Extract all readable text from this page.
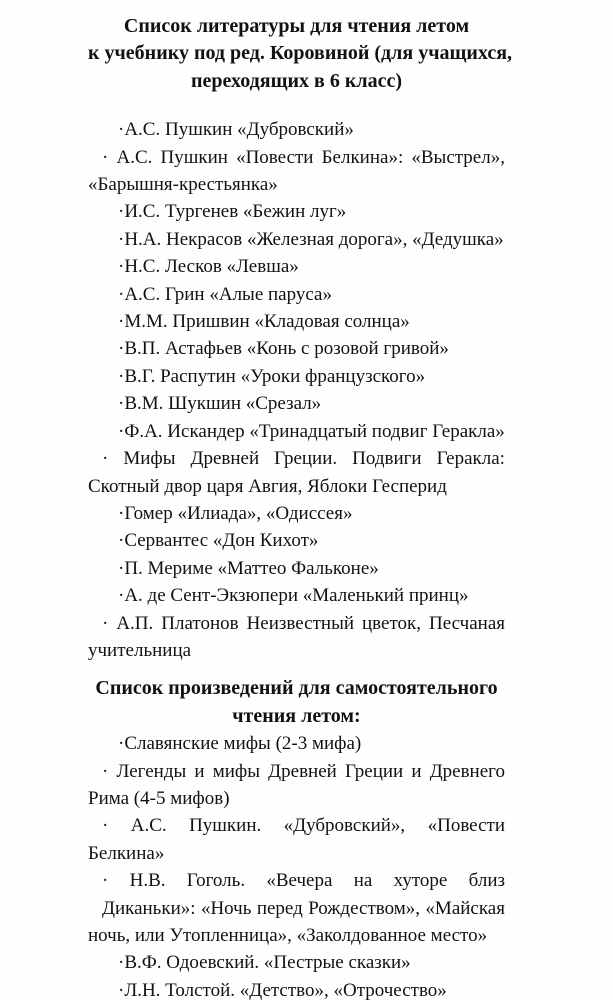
Список литературы для чтения летом
к учебнику под ред. Коровиной (для учащихся,
переходящих в 6 класс)
·А.С. Пушкин «Дубровский»
· А.С. Пушкин «Повести Белкина»: «Выстрел»,
«Барышня-крестьянка»
·И.С. Тургенев «Бежин луг»
·Н.А. Некрасов «Железная дорога», «Дедушка»
·Н.С. Лесков «Левша»
·А.С. Грин «Алые паруса»
·М.М. Пришвин «Кладовая солнца»
·В.П. Астафьев «Конь с розовой гривой»
·В.Г. Распутин «Уроки французского»
·В.М. Шукшин «Срезал»
·Ф.А. Искандер «Тринадцатый подвиг Геракла»
· Мифы Древней Греции. Подвиги Геракла:
Скотный двор царя Авгия, Яблоки Гесперид
·Гомер «Илиада», «Одиссея»
·Сервантес «Дон Кихот»
·П. Мериме «Маттео Фальконе»
·А. де Сент-Экзюпери «Маленький принц»
· А.П. Платонов Неизвестный цветок, Песчаная
учительница
Список произведений для самостоятельного
чтения летом:
·Славянские мифы (2-3 мифа)
· Легенды и мифы Древней Греции и Древнего
Рима (4-5 мифов)
· А.С. Пушкин. «Дубровский», «Повести
Белкина»
· Н.В. Гоголь. «Вечера на хуторе близ
Диканьки»: «Ночь перед Рождеством», «Майская
ночь, или Утопленница», «Заколдованное место»
·В.Ф. Одоевский. «Пестрые сказки»
·Л.Н. Толстой. «Детство», «Отрочество»
